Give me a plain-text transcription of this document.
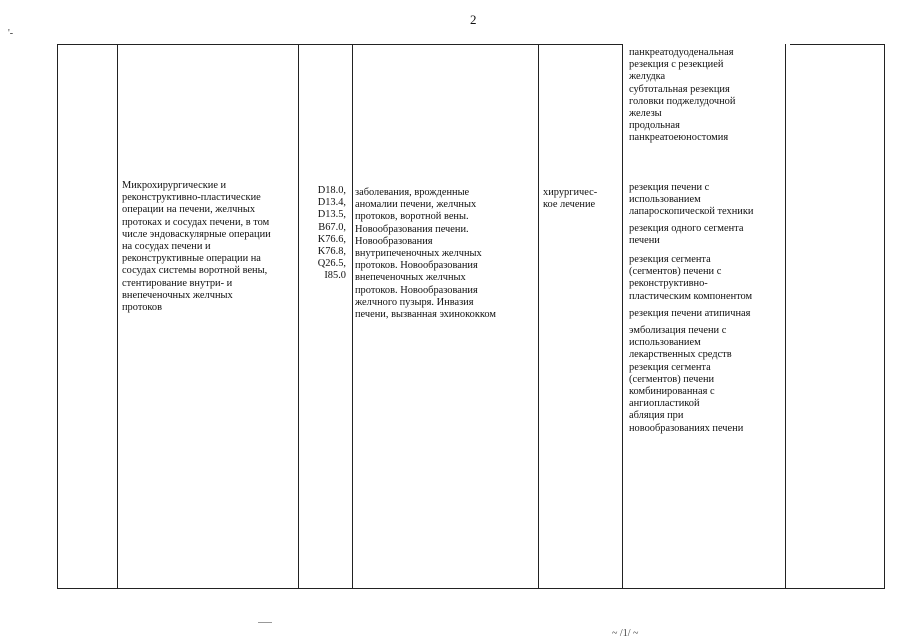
'-
2
Микрохирургические и
реконструктивно-пластические
операции на печени, желчных
протоках и сосудах печени, в том
числе эндоваскулярные операции
на сосудах печени и
реконструктивные операции на
сосудах системы воротной вены,
стентирование внутри- и
внепеченочных желчных
протоков
D18.0,
D13.4,
D13.5,
B67.0,
K76.6,
K76.8,
Q26.5,
I85.0
заболевания, врожденные
аномалии печени, желчных
протоков, воротной вены.
Новообразования печени.
Новообразования
внутрипеченочных желчных
протоков. Новообразования
внепеченочных желчных
протоков. Новообразования
желчного пузыря. Инвазия
печени, вызванная эхинококком
хирургичес-
кое лечение
панкреатодуоденальная
резекция с резекцией
желудка
субтотальная резекция
головки поджелудочной
железы
продольная
панкреатоеюностомия
резекция печени с
использованием
лапароскопической техники
резекция одного сегмента
печени
резекция сегмента
(сегментов) печени с
реконструктивно-
пластическим компонентом
резекция печени атипичная
эмболизация печени с
использованием
лекарственных средств
резекция сегмента
(сегментов) печени
комбинированная с
ангиопластикой
абляция при
новообразованиях печени
~ /1/ ~
